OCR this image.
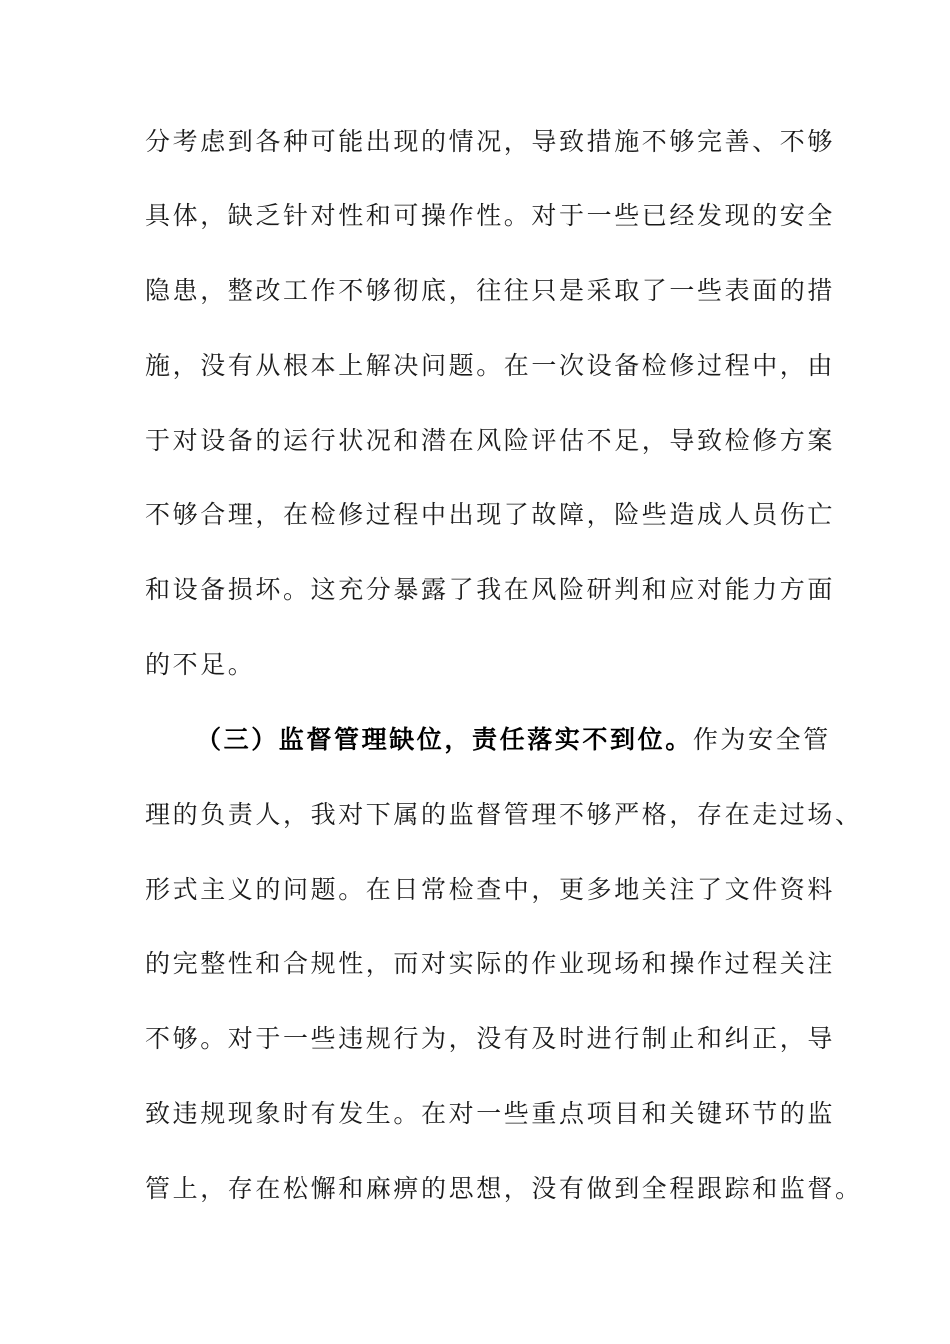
分考虑到各种可能出现的情况，导致措施不够完善、不够
具体，缺乏针对性和可操作性。对于一些已经发现的安全
隐患，整改工作不够彻底，往往只是采取了一些表面的措
施，没有从根本上解决问题。在一次设备检修过程中，由
于对设备的运行状况和潜在风险评估不足，导致检修方案
不够合理，在检修过程中出现了故障，险些造成人员伤亡
和设备损坏。这充分暴露了我在风险研判和应对能力方面
的不足。
（三）监督管理缺位，责任落实不到位。作为安全管
理的负责人，我对下属的监督管理不够严格，存在走过场、
形式主义的问题。在日常检查中，更多地关注了文件资料
的完整性和合规性，而对实际的作业现场和操作过程关注
不够。对于一些违规行为，没有及时进行制止和纠正，导
致违规现象时有发生。在对一些重点项目和关键环节的监
管上，存在松懈和麻痹的思想，没有做到全程跟踪和监督。
